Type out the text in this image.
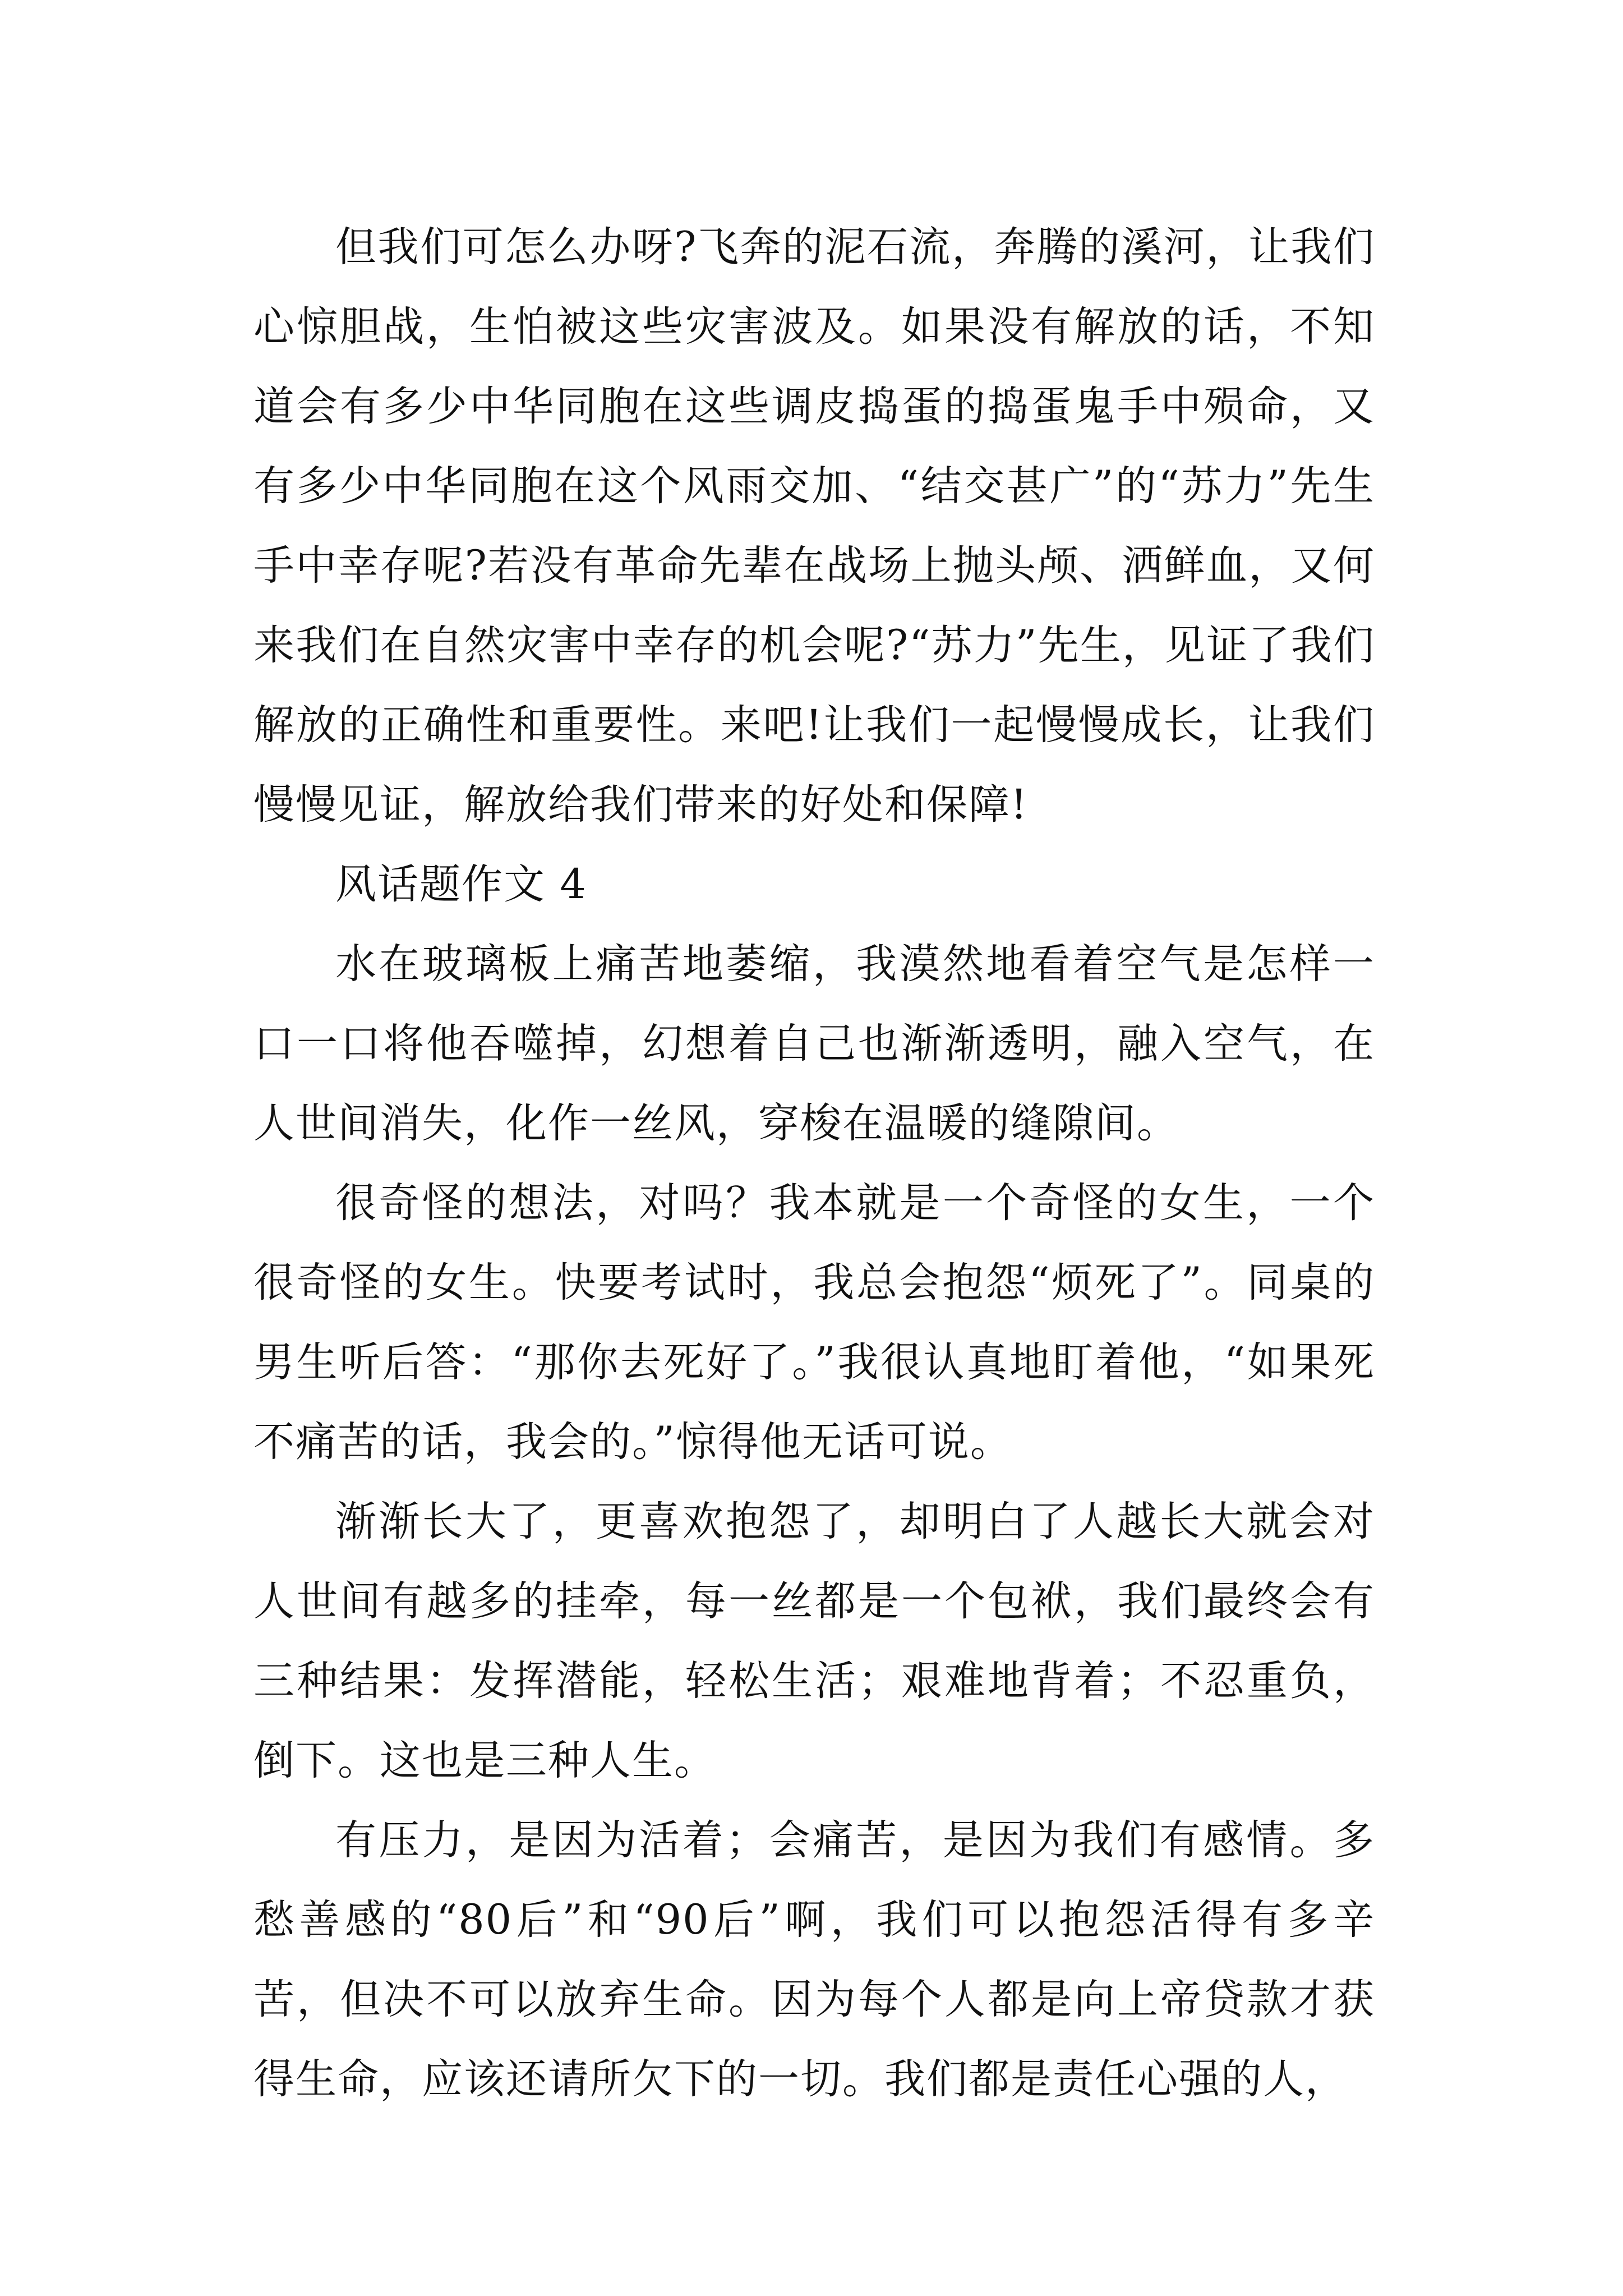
但我们可怎么办呀?飞奔的泥石流，奔腾的溪河，让我们心惊胆战，生怕被这些灾害波及。如果没有解放的话，不知道会有多少中华同胞在这些调皮捣蛋的捣蛋鬼手中殒命，又有多少中华同胞在这个风雨交加、“结交甚广”的“苏力”先生手中幸存呢?若没有革命先辈在战场上抛头颅、洒鲜血，又何来我们在自然灾害中幸存的机会呢?“苏力”先生，见证了我们解放的正确性和重要性。来吧!让我们一起慢慢成长，让我们慢慢见证，解放给我们带来的好处和保障!

风话题作文 4

水在玻璃板上痛苦地萎缩，我漠然地看着空气是怎样一口一口将他吞噬掉，幻想着自己也渐渐透明，融入空气，在人世间消失，化作一丝风，穿梭在温暖的缝隙间。

很奇怪的想法，对吗？我本就是一个奇怪的女生，一个很奇怪的女生。快要考试时，我总会抱怨“烦死了”。同桌的男生听后答：“那你去死好了。”我很认真地盯着他，“如果死不痛苦的话，我会的。”惊得他无话可说。

渐渐长大了，更喜欢抱怨了，却明白了人越长大就会对人世间有越多的挂牵，每一丝都是一个包袱，我们最终会有三种结果：发挥潜能，轻松生活；艰难地背着；不忍重负，倒下。这也是三种人生。

有压力，是因为活着；会痛苦，是因为我们有感情。多愁善感的“80后”和“90后”啊，我们可以抱怨活得有多辛苦，但决不可以放弃生命。因为每个人都是向上帝贷款才获得生命，应该还请所欠下的一切。我们都是责任心强的人，
